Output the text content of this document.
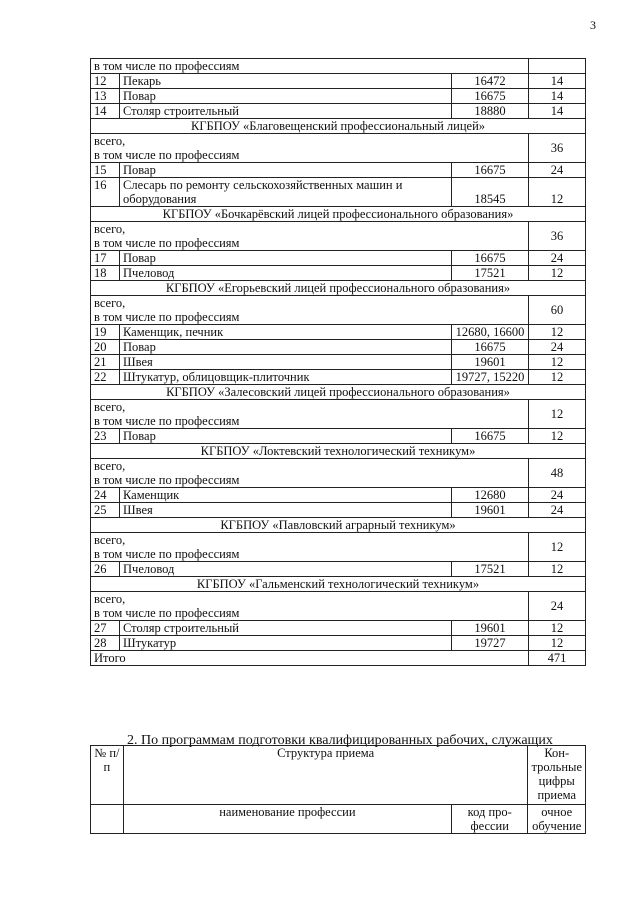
3
в том числе по профессиям			
12	Пекарь	16472	14
13	Повар	16675	14
14	Столяр строительный	18880	14
КГБПОУ «Благовещенский профессиональный лицей»			

всего,
в том числе по профессиям			36
15	Повар	16675	24
16	Слесарь по ремонту сельскохозяйственных машин и оборудования	18545	12
КГБПОУ «Бочкарёвский лицей профессионального образования»			

всего,
в том числе по профессиям			36
17	Повар	16675	24
18	Пчеловод	17521	12
КГБПОУ «Егорьевский лицей профессионального образования»			

всего,
в том числе по профессиям			60
19	Каменщик, печник	12680, 16600	12
20	Повар	16675	24
21	Швея	19601	12
22	Штукатур, облицовщик-плиточник	19727, 15220	12
КГБПОУ «Залесовский лицей профессионального образования»			

всего,
в том числе по профессиям			12
23	Повар	16675	12
КГБПОУ «Локтевский технологический техникум»			

всего,
в том числе по профессиям			48
24	Каменщик	12680	24
25	Швея	19601	24
КГБПОУ «Павловский аграрный техникум»			

всего,
в том числе по профессиям			12
26	Пчеловод	17521	12
КГБПОУ «Гальменский технологический техникум»			

всего,
в том числе по профессиям			24
27	Столяр строительный	19601	12
28	Штукатур	19727	12
Итого			471
2. По программам подготовки квалифицированных рабочих, служащих
№ п/п	Структура приема		Кон-трольные цифры приема
	наименование профессии	код про-фессии	очное обучение
